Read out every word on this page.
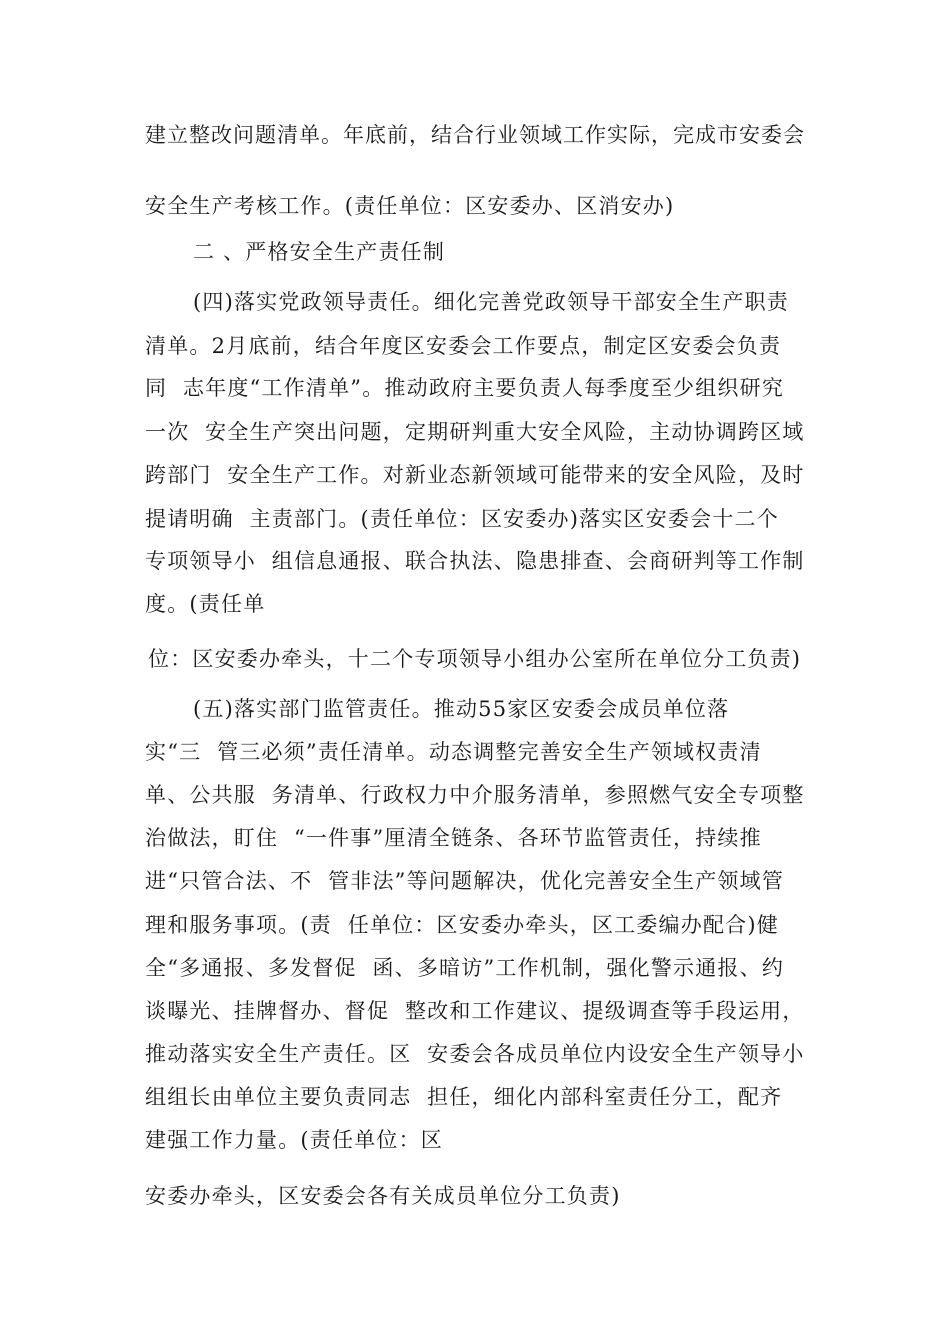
建立整改问题清单。年底前，结合行业领域工作实际，完成市安委会
安全生产考核工作。(责任单位：区安委办、区消安办)
二 、严格安全生产责任制
(四)落实党政领导责任。细化完善党政领导干部安全生产职责
清单。2月底前，结合年度区安委会工作要点，制定区安委会负责
同  志年度“工作清单”。推动政府主要负责人每季度至少组织研究
一次  安全生产突出问题，定期研判重大安全风险，主动协调跨区域
跨部门  安全生产工作。对新业态新领域可能带来的安全风险，及时
提请明确  主责部门。(责任单位：区安委办)落实区安委会十二个
专项领导小  组信息通报、联合执法、隐患排查、会商研判等工作制
度。(责任单
位：区安委办牵头，十二个专项领导小组办公室所在单位分工负责)
(五)落实部门监管责任。推动55家区安委会成员单位落
实“三  管三必须”责任清单。动态调整完善安全生产领域权责清
单、公共服  务清单、行政权力中介服务清单，参照燃气安全专项整
治做法，盯住  “一件事”厘清全链条、各环节监管责任，持续推
进“只管合法、不  管非法”等问题解决，优化完善安全生产领域管
理和服务事项。(责  任单位：区安委办牵头，区工委编办配合)健
全“多通报、多发督促  函、多暗访”工作机制，强化警示通报、约
谈曝光、挂牌督办、督促  整改和工作建议、提级调查等手段运用，
推动落实安全生产责任。区  安委会各成员单位内设安全生产领导小
组组长由单位主要负责同志  担任，细化内部科室责任分工，配齐
建强工作力量。(责任单位：区
安委办牵头，区安委会各有关成员单位分工负责)
